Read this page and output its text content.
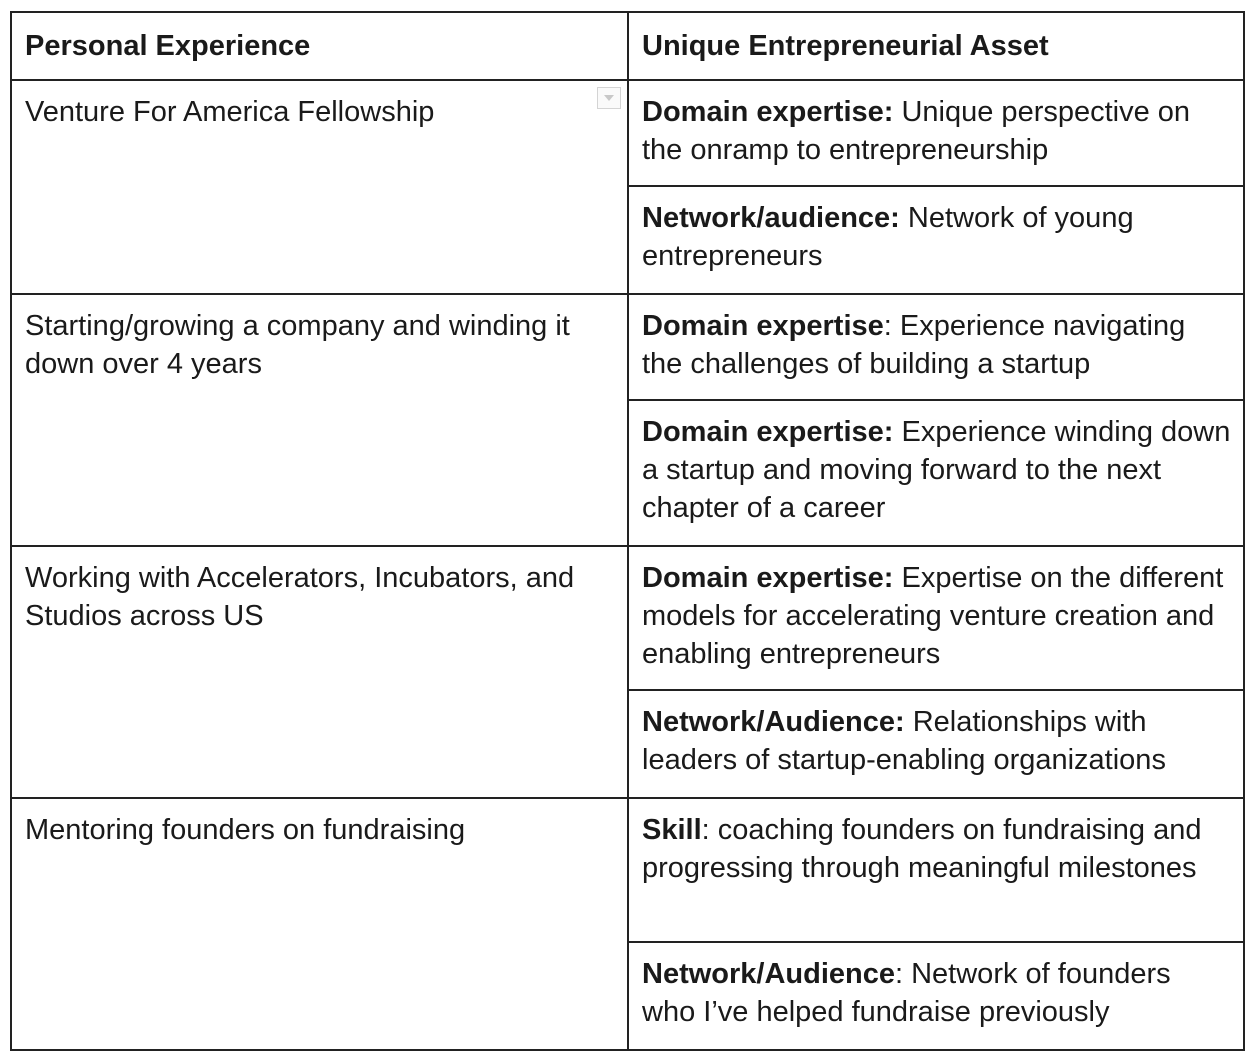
Personal Experience	Unique Entrepreneurial Asset
Venture For America Fellowship	Domain expertise: Unique perspective on the onramp to entrepreneurship
	Network/audience: Network of young entrepreneurs
Starting/growing a company and winding it down over 4 years	Domain expertise: Experience navigating the challenges of building a startup
	Domain expertise: Experience winding down a startup and moving forward to the next chapter of a career
Working with Accelerators, Incubators, and Studios across US	Domain expertise: Expertise on the different models for accelerating venture creation and enabling entrepreneurs
	Network/Audience: Relationships with leaders of startup-enabling organizations
Mentoring founders on fundraising	Skill: coaching founders on fundraising and progressing through meaningful milestones
	Network/Audience: Network of founders who I’ve helped fundraise previously
